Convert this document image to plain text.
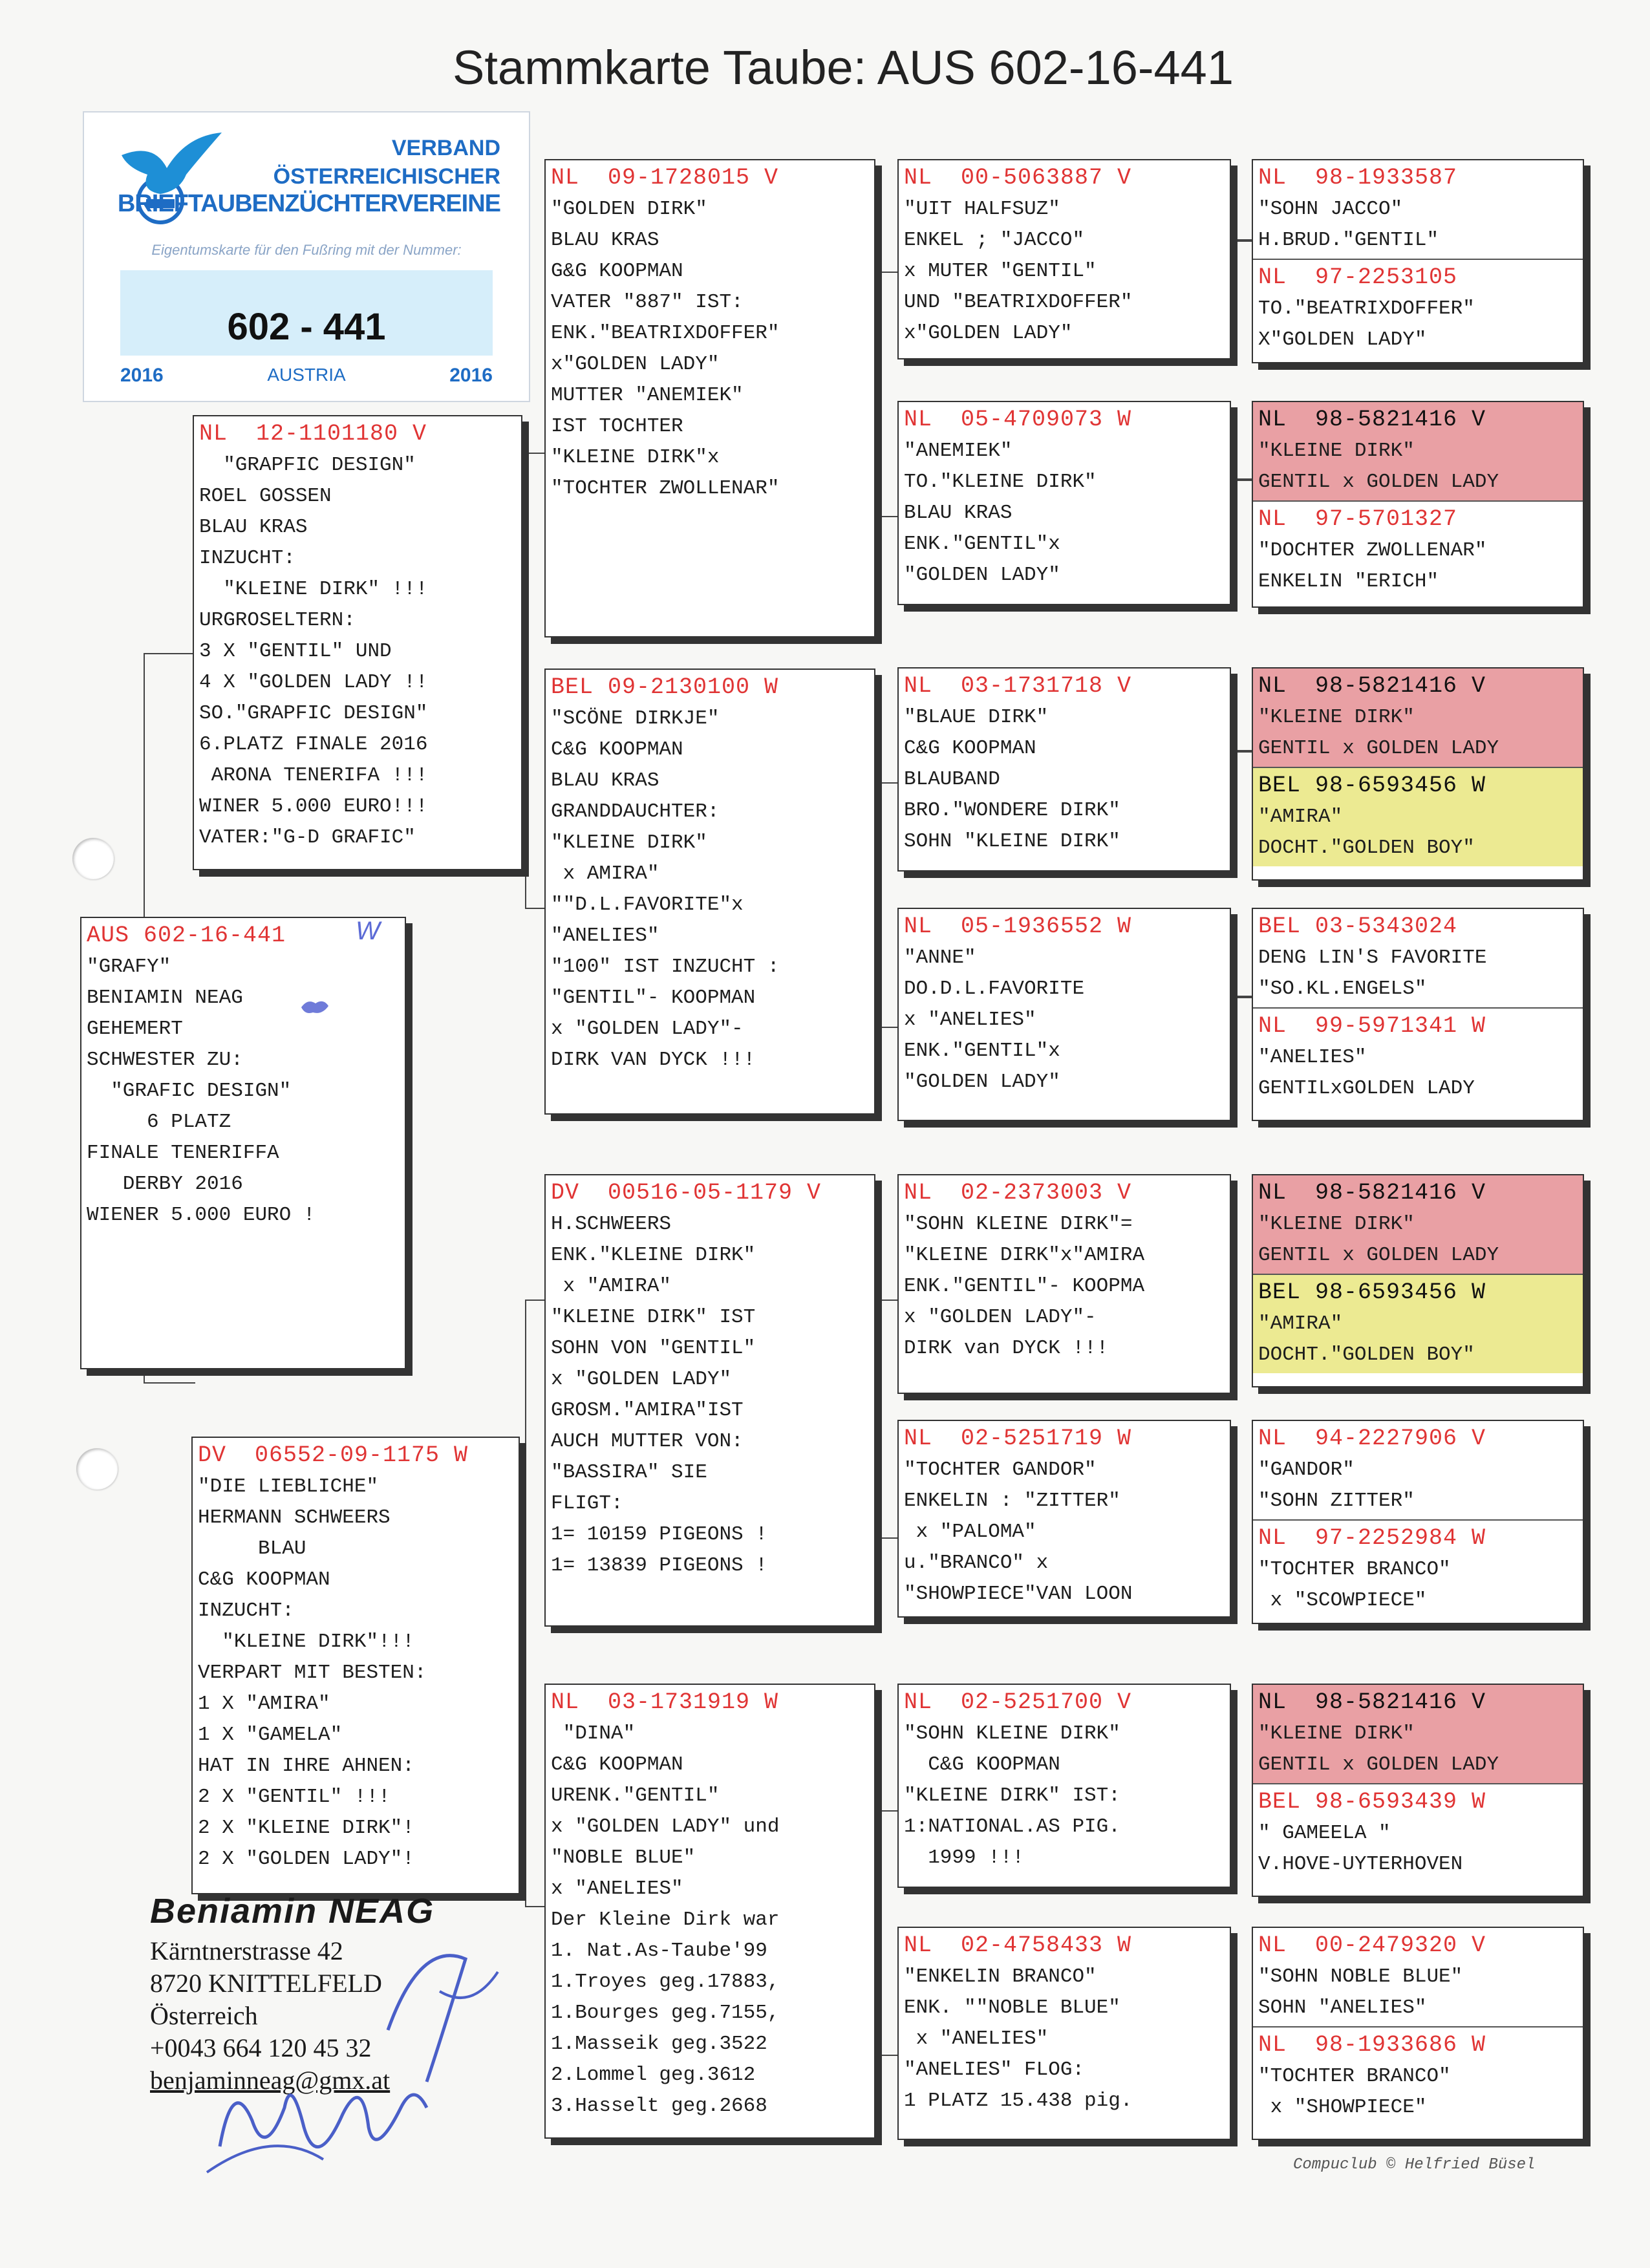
Stammkarte Taube: AUS 602-16-441
VERBAND
ÖSTERREICHISCHER
BRIEFTAUBENZÜCHTERVEREINE
Eigentumskarte für den Fußring mit der Nummer:
602 - 441
2016	AUSTRIA	2016
AUS 602-16-441
"GRAFY"
BENIAMIN NEAG
GEHEMERT
SCHWESTER ZU:
"GRAFIC DESIGN"
6 PLATZ
FINALE TENERIFFA
DERBY 2016
WIENER 5.000 EURO !
NL  12-1101180 V
"GRAPFIC DESIGN"
ROEL GOSSEN
BLAU KRAS
INZUCHT:
"KLEINE DIRK" !!!
URGROSELTERN:
3 X "GENTIL" UND
4 X "GOLDEN LADY !!
SO."GRAPFIC DESIGN"
6.PLATZ FINALE 2016
ARONA TENERIFA !!!
WINER 5.000 EURO!!!
VATER:"G-D GRAFIC"
DV  06552-09-1175 W
"DIE LIEBLICHE"
HERMANN SCHWEERS
BLAU
C&G KOOPMAN
INZUCHT:
"KLEINE DIRK"!!!
VERPART MIT BESTEN:
1 X "AMIRA"
1 X "GAMELA"
HAT IN IHRE AHNEN:
2 X "GENTIL" !!!
2 X "KLEINE DIRK"!
2 X "GOLDEN LADY"!
NL  09-1728015 V
"GOLDEN DIRK"
BLAU KRAS
G&G KOOPMAN
VATER "887" IST:
ENK."BEATRIXDOFFER"
x"GOLDEN LADY"
MUTTER "ANEMIEK"
IST TOCHTER
"KLEINE DIRK"x
"TOCHTER ZWOLLENAR"
BEL 09-2130100 W
"SCÖNE DIRKJE"
C&G KOOPMAN
BLAU KRAS
GRANDDAUCHTER:
"KLEINE DIRK"
x AMIRA"
""D.L.FAVORITE"x
"ANELIES"
"100" IST INZUCHT :
"GENTIL"- KOOPMAN
x "GOLDEN LADY"-
DIRK VAN DYCK !!!
DV  00516-05-1179 V
H.SCHWEERS
ENK."KLEINE DIRK"
x "AMIRA"
"KLEINE DIRK" IST
SOHN VON "GENTIL"
x "GOLDEN LADY"
GROSM."AMIRA"IST
AUCH MUTTER VON:
"BASSIRA" SIE
FLIGT:
1= 10159 PIGEONS !
1= 13839 PIGEONS !
NL  03-1731919 W
"DINA"
C&G KOOPMAN
URENK."GENTIL"
x "GOLDEN LADY" und
"NOBLE BLUE"
x "ANELIES"
Der Kleine Dirk war
1. Nat.As-Taube'99
1.Troyes geg.17883,
1.Bourges geg.7155,
1.Masseik geg.3522
2.Lommel geg.3612
3.Hasselt geg.2668
NL  00-5063887 V
"UIT HALFSUZ"
ENKEL ; "JACCO"
x MUTER "GENTIL"
UND "BEATRIXDOFFER"
x"GOLDEN LADY"
NL  05-4709073 W
"ANEMIEK"
TO."KLEINE DIRK"
BLAU KRAS
ENK."GENTIL"x
"GOLDEN LADY"
NL  03-1731718 V
"BLAUE DIRK"
C&G KOOPMAN
BLAUBAND
BRO."WONDERE DIRK"
SOHN "KLEINE DIRK"
NL  05-1936552 W
"ANNE"
DO.D.L.FAVORITE
x "ANELIES"
ENK."GENTIL"x
"GOLDEN LADY"
NL  02-2373003 V
"SOHN KLEINE DIRK"=
"KLEINE DIRK"x"AMIRA
ENK."GENTIL"- KOOPMA
x "GOLDEN LADY"-
DIRK van DYCK !!!
NL  02-5251719 W
"TOCHTER GANDOR"
ENKELIN : "ZITTER"
x "PALOMA"
u."BRANCO" x
"SHOWPIECE"VAN LOON
NL  02-5251700 V
"SOHN KLEINE DIRK"
C&G KOOPMAN
"KLEINE DIRK" IST:
1:NATIONAL.AS PIG.
1999 !!!
NL  02-4758433 W
"ENKELIN BRANCO"
ENK. ""NOBLE BLUE"
x "ANELIES"
"ANELIES" FLOG:
1 PLATZ 15.438 pig.
NL  98-1933587
"SOHN JACCO"
H.BRUD."GENTIL"
NL  97-2253105
TO."BEATRIXDOFFER"
X"GOLDEN LADY"
NL  98-5821416 V
"KLEINE DIRK"
GENTIL x GOLDEN LADY
NL  97-5701327
"DOCHTER ZWOLLENAR"
ENKELIN "ERICH"
NL  98-5821416 V
"KLEINE DIRK"
GENTIL x GOLDEN LADY
BEL 98-6593456 W
"AMIRA"
DOCHT."GOLDEN BOY"
BEL 03-5343024
DENG LIN'S FAVORITE
"SO.KL.ENGELS"
NL  99-5971341 W
"ANELIES"
GENTILxGOLDEN LADY
NL  98-5821416 V
"KLEINE DIRK"
GENTIL x GOLDEN LADY
BEL 98-6593456 W
"AMIRA"
DOCHT."GOLDEN BOY"
NL  94-2227906 V
"GANDOR"
"SOHN ZITTER"
NL  97-2252984 W
"TOCHTER BRANCO"
x "SCOWPIECE"
NL  98-5821416 V
"KLEINE DIRK"
GENTIL x GOLDEN LADY
BEL 98-6593439 W
" GAMEELA "
V.HOVE-UYTERHOVEN
NL  00-2479320 V
"SOHN NOBLE BLUE"
SOHN "ANELIES"
NL  98-1933686 W
"TOCHTER BRANCO"
x "SHOWPIECE"
W
Beniamin NEAG
Kärntnerstrasse 42
8720 KNITTELFELD
Österreich
+0043 664 120 45 32
benjaminneag@gmx.at
Compuclub © Helfried Büsel
